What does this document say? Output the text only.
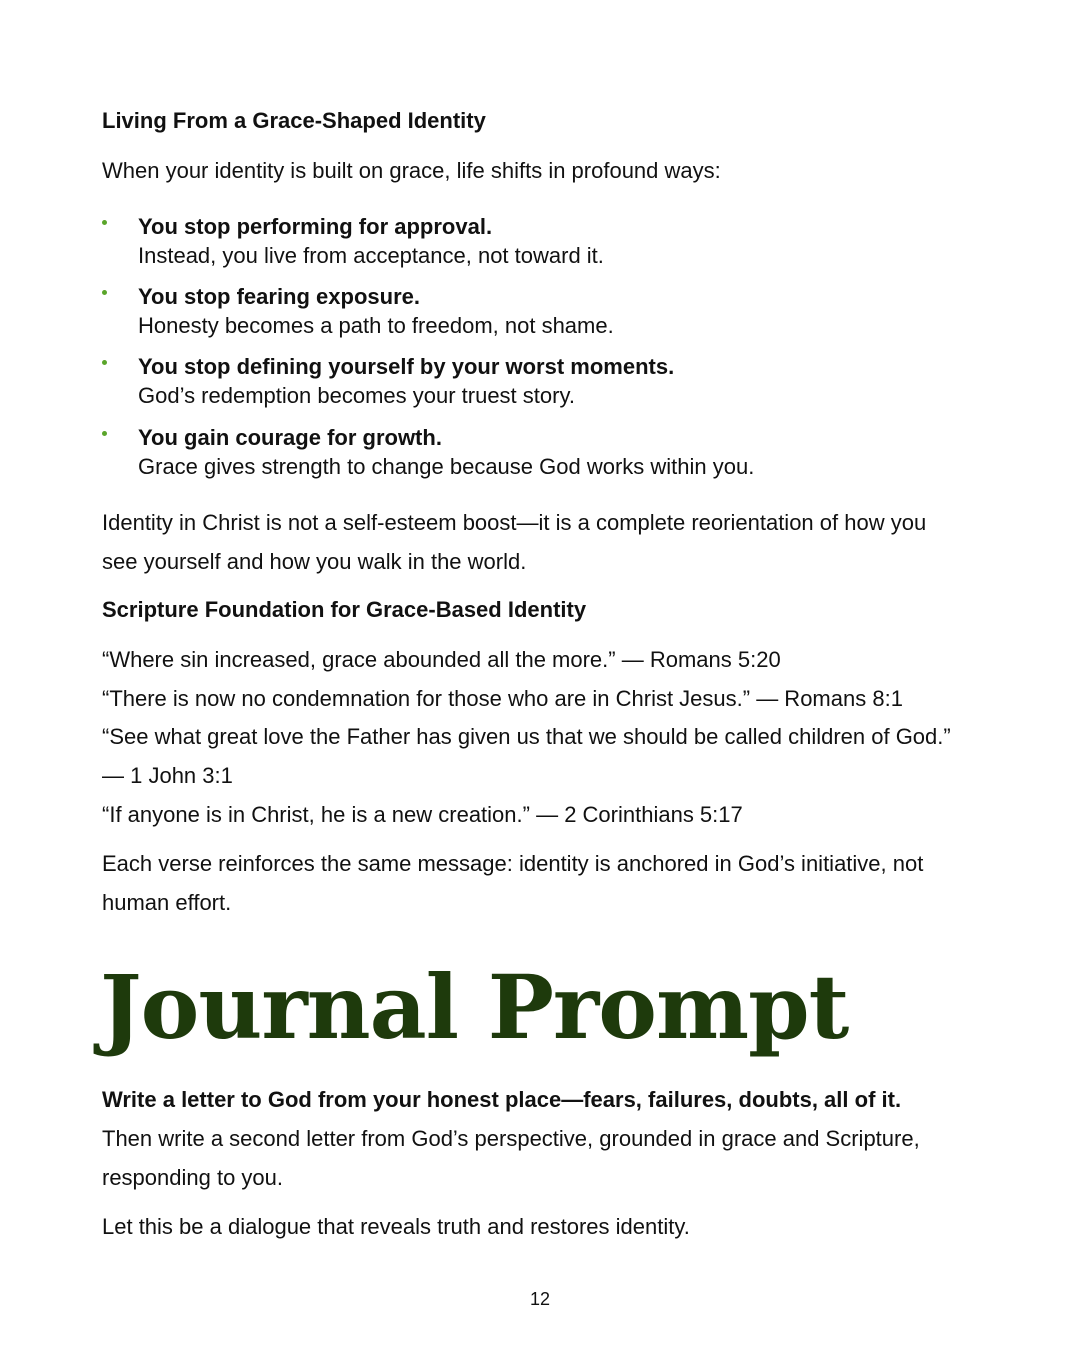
Living From a Grace-Shaped Identity
When your identity is built on grace, life shifts in profound ways:
You stop performing for approval.
Instead, you live from acceptance, not toward it.
You stop fearing exposure.
Honesty becomes a path to freedom, not shame.
You stop defining yourself by your worst moments.
God’s redemption becomes your truest story.
You gain courage for growth.
Grace gives strength to change because God works within you.
Identity in Christ is not a self-esteem boost—it is a complete reorientation of how you
see yourself and how you walk in the world.
Scripture Foundation for Grace-Based Identity
“Where sin increased, grace abounded all the more.” — Romans 5:20
“There is now no condemnation for those who are in Christ Jesus.” — Romans 8:1
“See what great love the Father has given us that we should be called children of God.”
— 1 John 3:1
“If anyone is in Christ, he is a new creation.” — 2 Corinthians 5:17
Each verse reinforces the same message: identity is anchored in God’s initiative, not
human effort.
Journal Prompt
Write a letter to God from your honest place—fears, failures, doubts, all of it.
Then write a second letter from God’s perspective, grounded in grace and Scripture,
responding to you.
Let this be a dialogue that reveals truth and restores identity.
12
